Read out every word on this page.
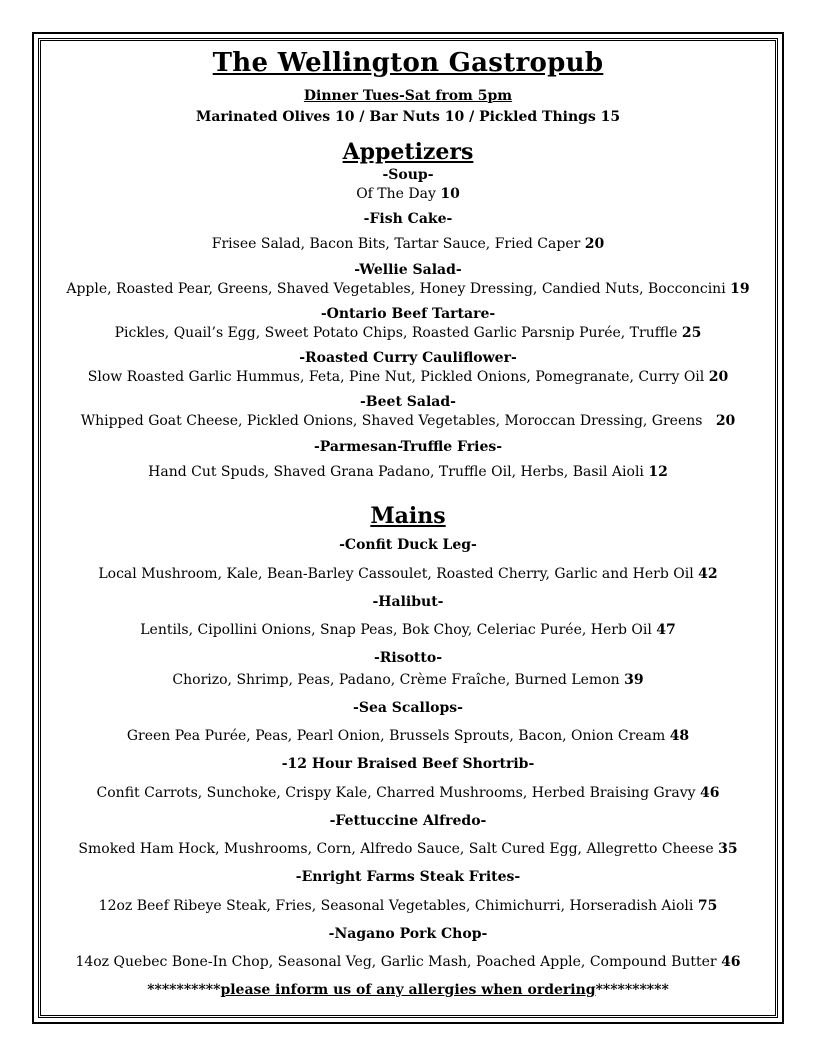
The Wellington Gastropub
Dinner Tues-Sat from 5pm
Marinated Olives 10 / Bar Nuts 10 / Pickled Things 15
Appetizers
-Soup-
Of The Day 10
-Fish Cake-
Frisee Salad, Bacon Bits, Tartar Sauce, Fried Caper 20
-Wellie Salad-
Apple, Roasted Pear, Greens, Shaved Vegetables, Honey Dressing, Candied Nuts, Bocconcini 19
-Ontario Beef Tartare-
Pickles, Quail’s Egg, Sweet Potato Chips, Roasted Garlic Parsnip Purée, Truffle 25
-Roasted Curry Cauliflower-
Slow Roasted Garlic Hummus, Feta, Pine Nut, Pickled Onions, Pomegranate, Curry Oil 20
-Beet Salad-
Whipped Goat Cheese, Pickled Onions, Shaved Vegetables, Moroccan Dressing, Greens 20
-Parmesan-Truffle Fries-
Hand Cut Spuds, Shaved Grana Padano, Truffle Oil, Herbs, Basil Aioli 12
Mains
-Confit Duck Leg-
Local Mushroom, Kale, Bean-Barley Cassoulet, Roasted Cherry, Garlic and Herb Oil 42
-Halibut-
Lentils, Cipollini Onions, Snap Peas, Bok Choy, Celeriac Purée, Herb Oil 47
-Risotto-
Chorizo, Shrimp, Peas, Padano, Crème Fraîche, Burned Lemon 39
-Sea Scallops-
Green Pea Purée, Peas, Pearl Onion, Brussels Sprouts, Bacon, Onion Cream 48
-12 Hour Braised Beef Shortrib-
Confit Carrots, Sunchoke, Crispy Kale, Charred Mushrooms, Herbed Braising Gravy 46
-Fettuccine Alfredo-
Smoked Ham Hock, Mushrooms, Corn, Alfredo Sauce, Salt Cured Egg, Allegretto Cheese 35
-Enright Farms Steak Frites-
12oz Beef Ribeye Steak, Fries, Seasonal Vegetables, Chimichurri, Horseradish Aioli 75
-Nagano Pork Chop-
14oz Quebec Bone-In Chop, Seasonal Veg, Garlic Mash, Poached Apple, Compound Butter 46
**********please inform us of any allergies when ordering**********
